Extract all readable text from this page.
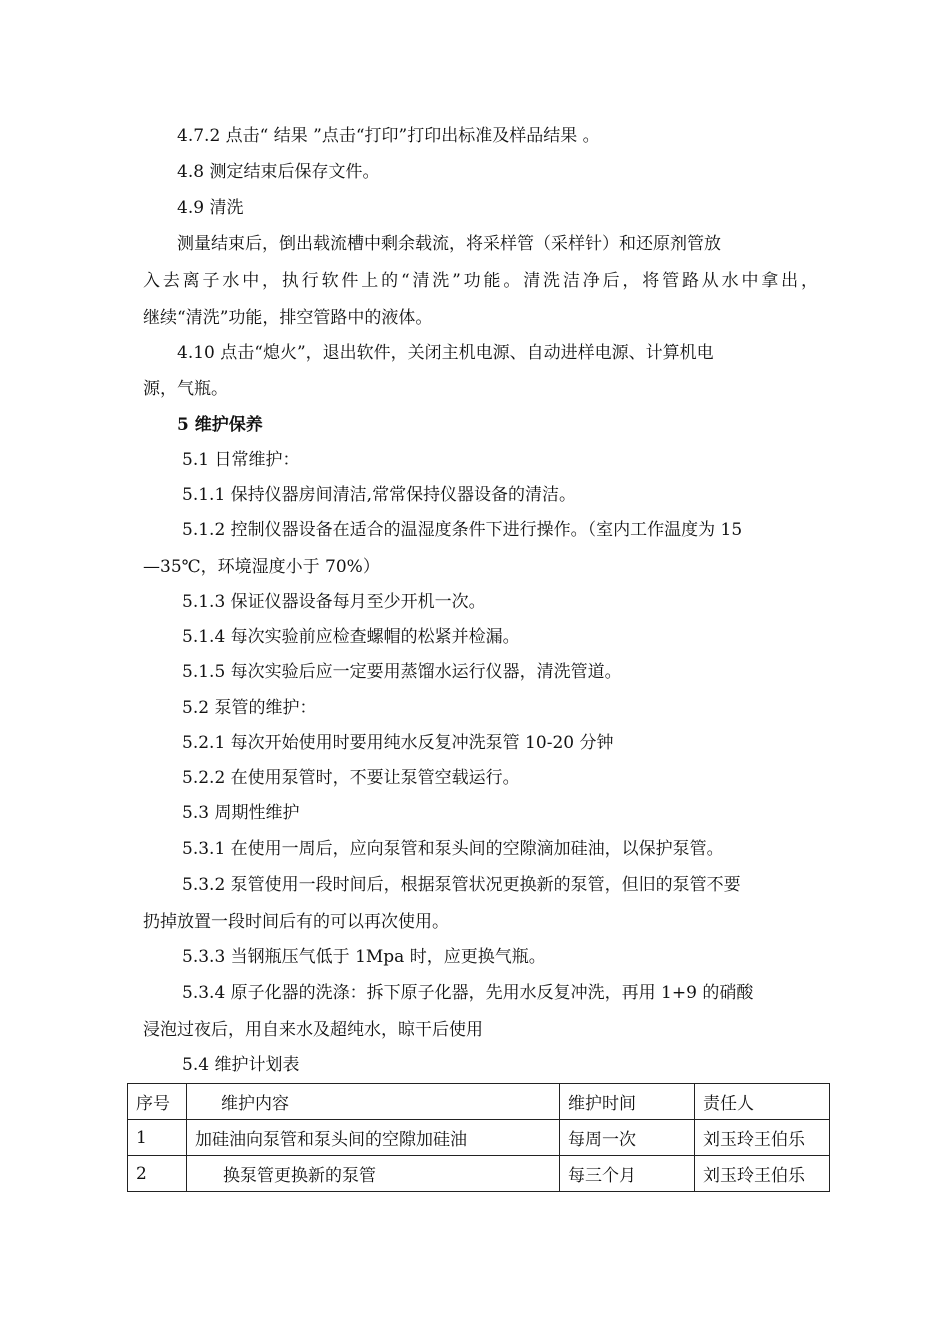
4.7.2 点击“ 结果 ”点击“打印”打印出标准及样品结果 。
4.8 测定结束后保存文件。
4.9 清洗
测量结束后，倒出载流槽中剩余载流，将采样管（采样针）和还原剂管放
入去离子水中，执行软件上的“清洗”功能。清洗洁净后，将管路从水中拿出，
继续“清洗”功能，排空管路中的液体。
4.10 点击“熄火”，退出软件，关闭主机电源、自动进样电源、计算机电
源，气瓶。
5 维护保养
5.1 日常维护：
5.1.1 保持仪器房间清洁,常常保持仪器设备的清洁。
5.1.2 控制仪器设备在适合的温湿度条件下进行操作。（室内工作温度为 15
—35℃，环境湿度小于 70%）
5.1.3 保证仪器设备每月至少开机一次。
5.1.4 每次实验前应检查螺帽的松紧并检漏。
5.1.5 每次实验后应一定要用蒸馏水运行仪器，清洗管道。
5.2 泵管的维护：
5.2.1 每次开始使用时要用纯水反复冲洗泵管 10-20 分钟
5.2.2 在使用泵管时，不要让泵管空载运行。
5.3 周期性维护
5.3.1 在使用一周后，应向泵管和泵头间的空隙滴加硅油，以保护泵管。
5.3.2 泵管使用一段时间后，根据泵管状况更换新的泵管，但旧的泵管不要
扔掉放置一段时间后有的可以再次使用。
5.3.3 当钢瓶压气低于 1Mpa 时，应更换气瓶。
5.3.4 原子化器的洗涤：拆下原子化器，先用水反复冲洗，再用 1+9 的硝酸
浸泡过夜后，用自来水及超纯水，晾干后使用
5.4 维护计划表
序号	维护内容	维护时间	责任人
1	加硅油向泵管和泵头间的空隙加硅油	每周一次	刘玉玲王伯乐
2	换泵管更换新的泵管	每三个月	刘玉玲王伯乐
